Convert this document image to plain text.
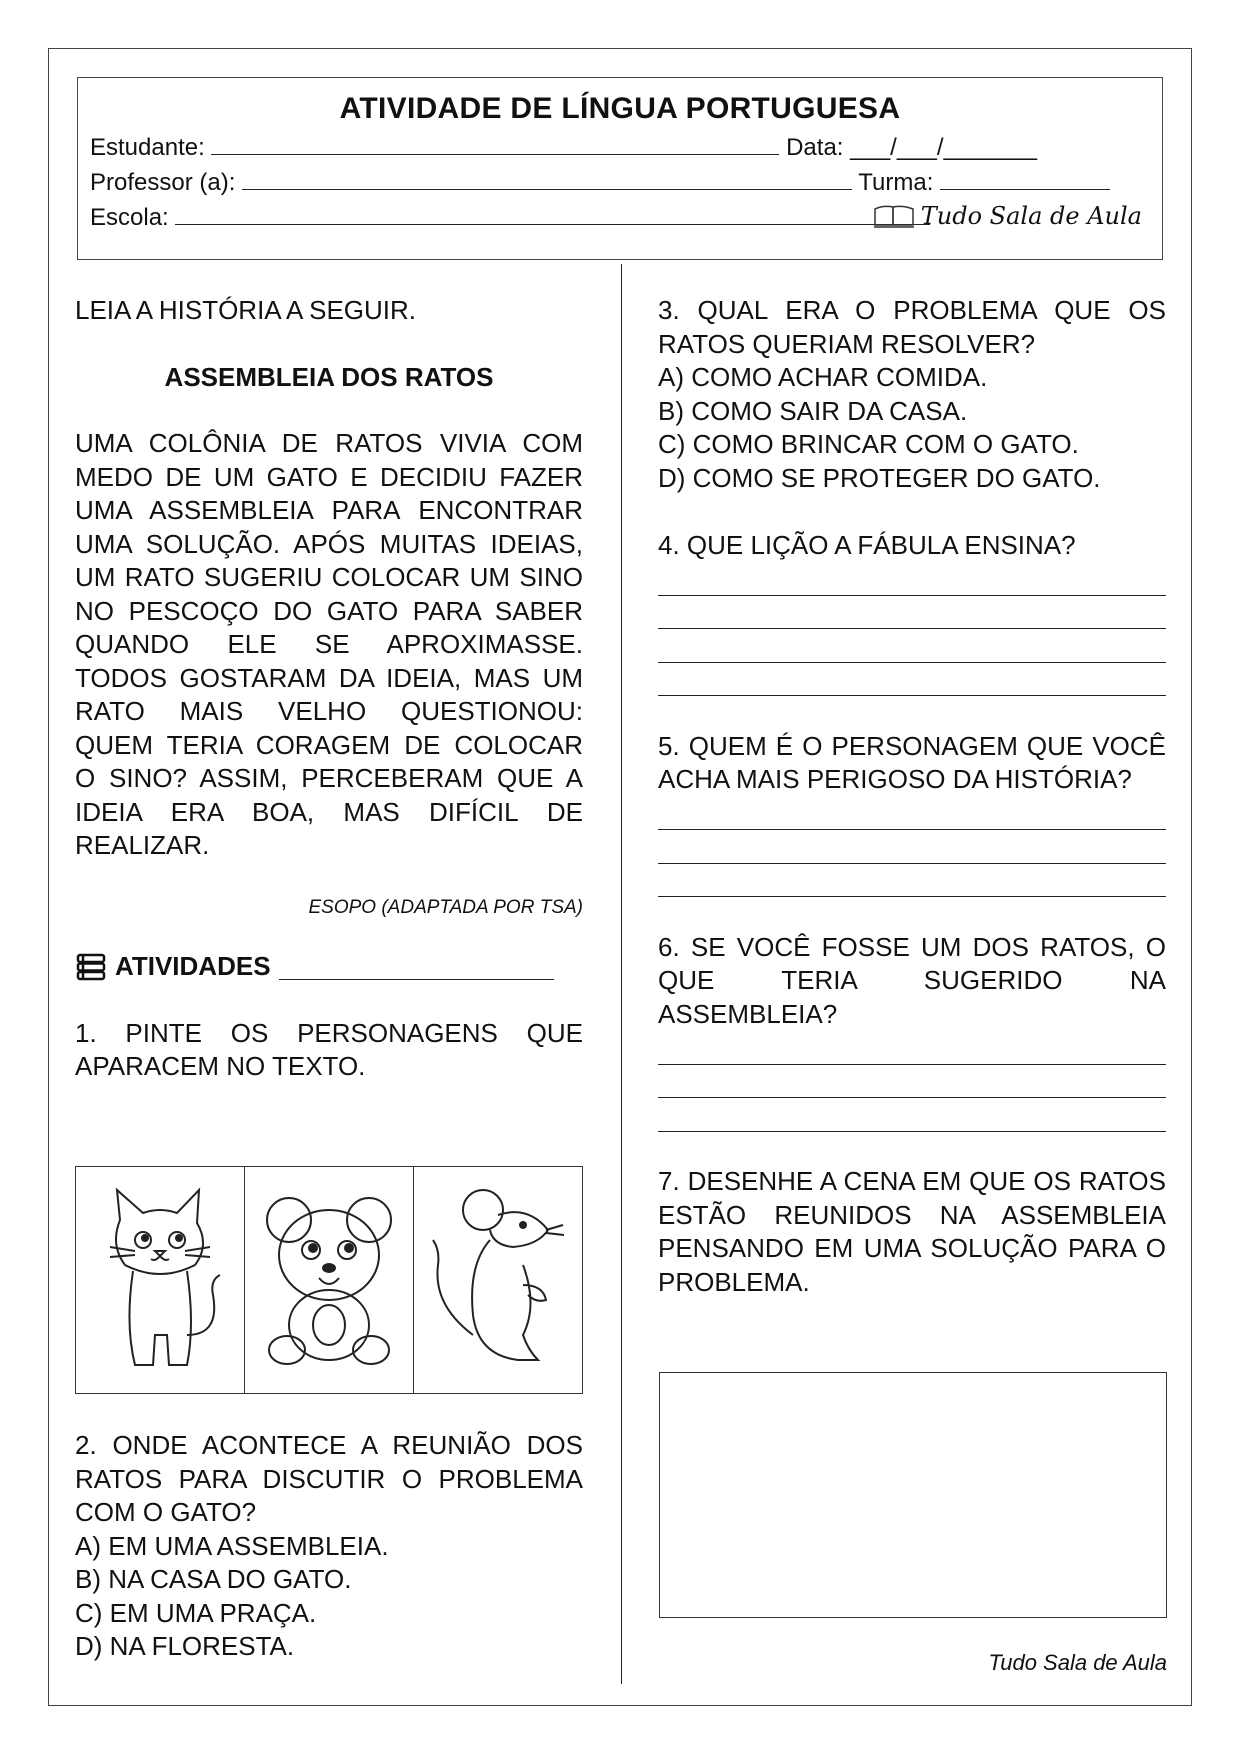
ATIVIDADE DE LÍNGUA PORTUGUESA
Estudante:	Data: ___/___/_______
Professor (a):	Turma:
Escola:	Tudo Sala de Aula

LEIA A HISTÓRIA A SEGUIR.

ASSEMBLEIA DOS RATOS

UMA COLÔNIA DE RATOS VIVIA COM MEDO DE UM GATO E DECIDIU FAZER UMA ASSEMBLEIA PARA ENCONTRAR UMA SOLUÇÃO. APÓS MUITAS IDEIAS, UM RATO SUGERIU COLOCAR UM SINO NO PESCOÇO DO GATO PARA SABER QUANDO ELE SE APROXIMASSE. TODOS GOSTARAM DA IDEIA, MAS UM RATO MAIS VELHO QUESTIONOU: QUEM TERIA CORAGEM DE COLOCAR O SINO? ASSIM, PERCEBERAM QUE A IDEIA ERA BOA, MAS DIFÍCIL DE REALIZAR.

ESOPO (ADAPTADA POR TSA)

ATIVIDADES

1. PINTE OS PERSONAGENS QUE APARACEM NO TEXTO.

2. ONDE ACONTECE A REUNIÃO DOS RATOS PARA DISCUTIR O PROBLEMA COM O GATO?

A) EM UMA ASSEMBLEIA.

B) NA CASA DO GATO.

C) EM UMA PRAÇA.

D) NA FLORESTA.

3. QUAL ERA O PROBLEMA QUE OS RATOS QUERIAM RESOLVER?

A) COMO ACHAR COMIDA.

B) COMO SAIR DA CASA.

C) COMO BRINCAR COM O GATO.

D) COMO SE PROTEGER DO GATO.

4. QUE LIÇÃO A FÁBULA ENSINA?

5. QUEM É O PERSONAGEM QUE VOCÊ ACHA MAIS PERIGOSO DA HISTÓRIA?

6. SE VOCÊ FOSSE UM DOS RATOS, O QUE TERIA SUGERIDO NA ASSEMBLEIA?

7. DESENHE A CENA EM QUE OS RATOS ESTÃO REUNIDOS NA ASSEMBLEIA PENSANDO EM UMA SOLUÇÃO PARA O PROBLEMA.

Tudo Sala de Aula
